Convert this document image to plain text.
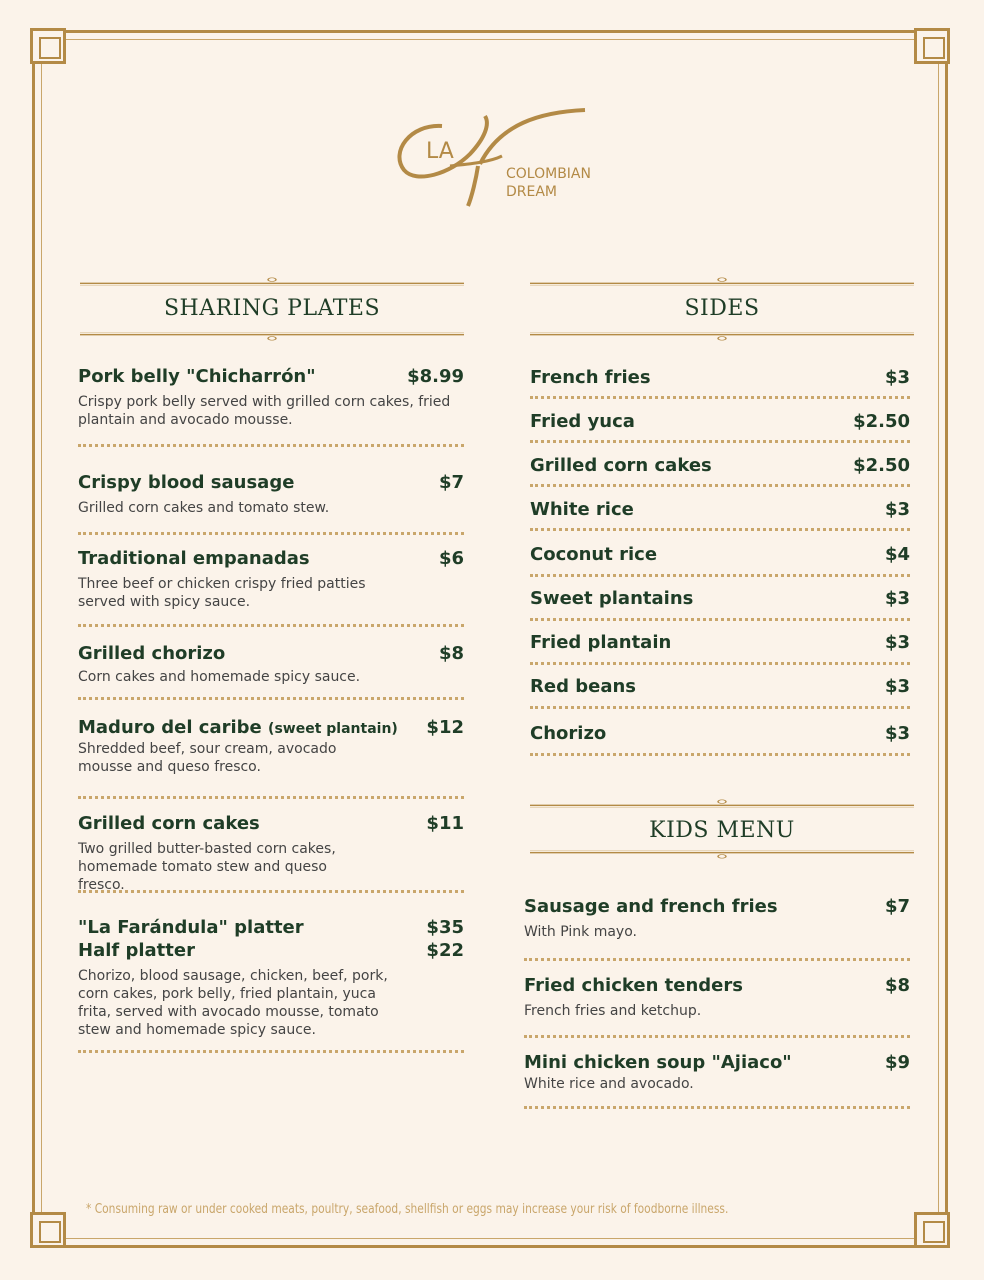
LA
COLOMBIAN
DREAM
SHARING PLATES	SIDES
KIDS MENU
Pork belly "Chicharrón"	$8.99
Crispy pork belly served with grilled corn cakes, fried plantain and avocado mousse.
Crispy blood sausage	$7
Grilled corn cakes and tomato stew.
Traditional empanadas	$6
Three beef or chicken crispy fried patties served with spicy sauce.
Grilled chorizo	$8
Corn cakes and homemade spicy sauce.
Maduro del caribe (sweet plantain) $12
Shredded beef, sour cream, avocado mousse and queso fresco.
Grilled corn cakes	$11
Two grilled butter-basted corn cakes, homemade tomato stew and queso fresco.
"La Farándula" platter	$35
Half platter	$22
Chorizo, blood sausage, chicken, beef, pork, corn cakes, pork belly, fried plantain, yuca frita, served with avocado mousse, tomato stew and homemade spicy sauce.
French fries	$3
Fried yuca	$2.50
Grilled corn cakes	$2.50
White rice	$3
Coconut rice	$4
Sweet plantains	$3
Fried plantain	$3
Red beans	$3
Chorizo	$3
Sausage and french fries	$7
With Pink mayo.
Fried chicken tenders	$8
French fries and ketchup.
Mini chicken soup "Ajiaco"	$9
White rice and avocado.
* Consuming raw or under cooked meats, poultry, seafood, shellfish or eggs may increase your risk of foodborne illness.
